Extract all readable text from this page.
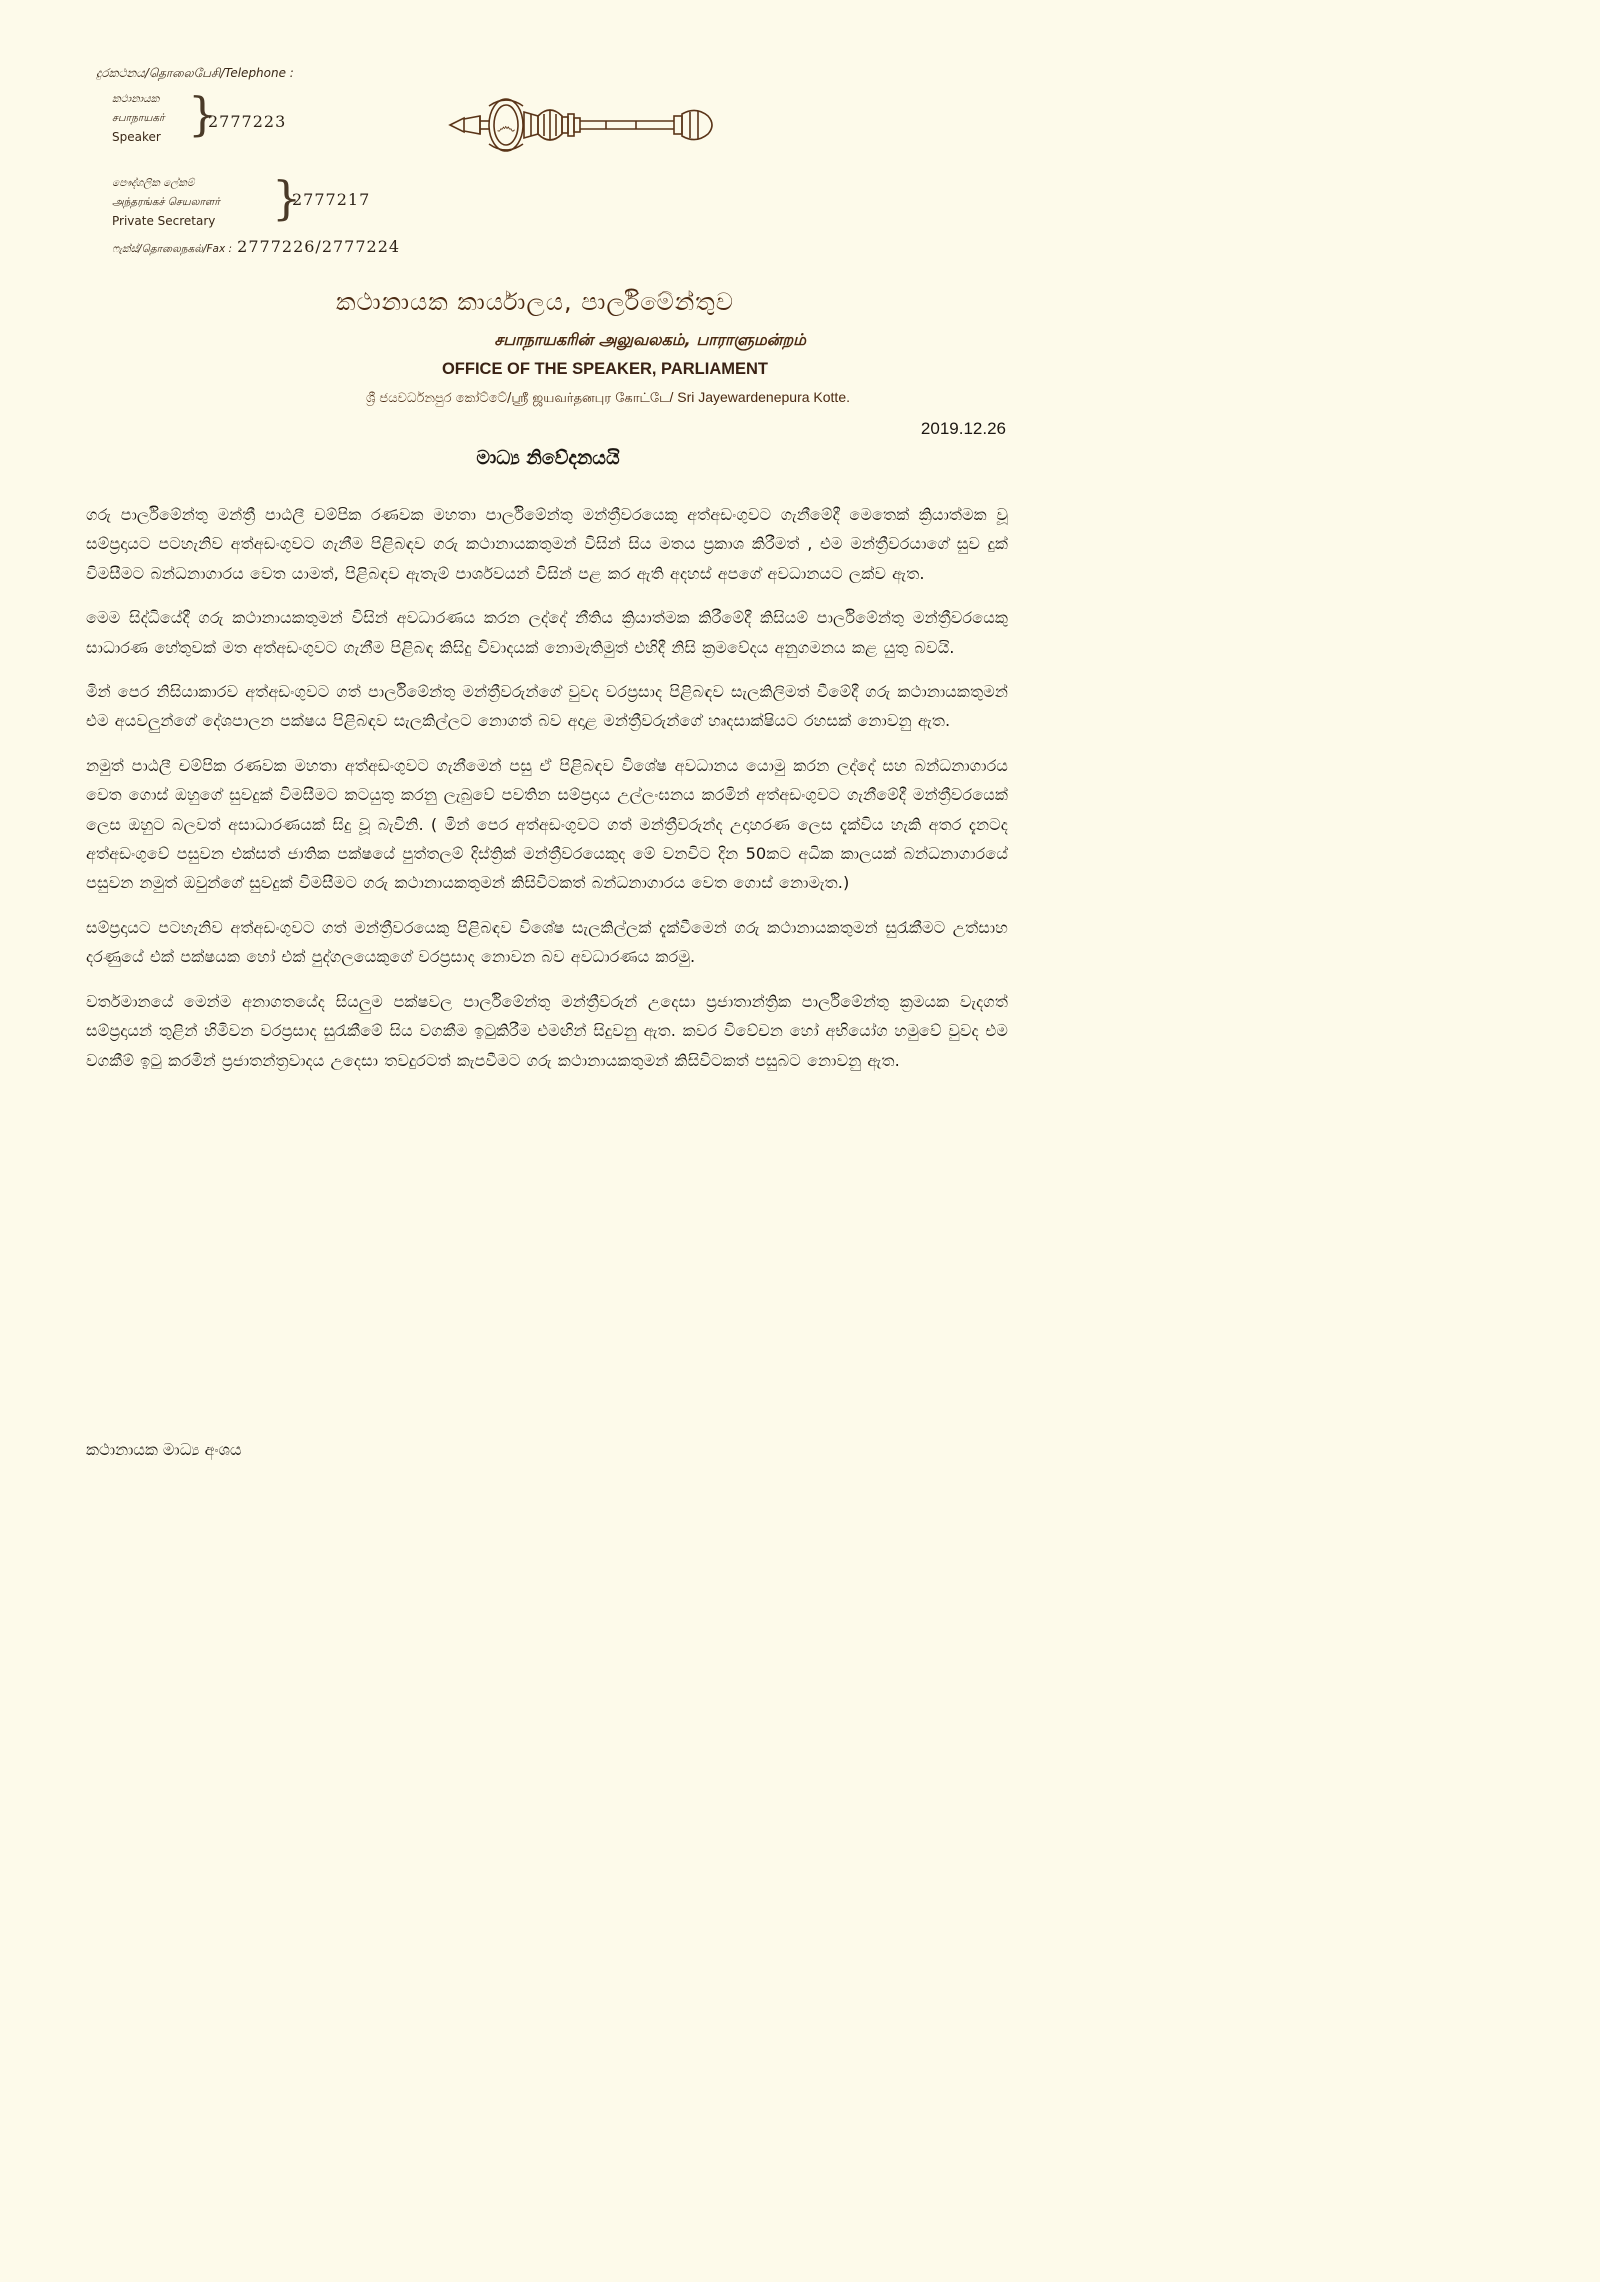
දුරකථනය/தொலைபேசி/Telephone :
කථානායක
சபாநாயகர்
Speaker }
2777223
පෞද්ගලික ලේකම්
அந்தரங்கச் செயலாளர்
Private Secretary }
2777217
ෆැක්ස්/தொலைநகல்/Fax : 2777226/2777224
෴
කථානායක කාර්යාලය, පාර්ලිමේන්තුව
சபாநாயகரின் அலுவலகம், பாராளுமன்றம்
OFFICE OF THE SPEAKER, PARLIAMENT
ශ්‍රී ජයවර්ධනපුර කෝට්ටේ/ஸ்ரீ ஜயவர்தனபுர கோட்டே/ Sri Jayewardenepura Kotte.
2019.12.26
මාධ්‍ය නිවේදනයයි

ගරු පාර්ලිමේන්තු මන්ත්‍රී පාඨලී චම්පික රණවක මහතා පාර්ලිමේන්තු මන්ත්‍රීවරයෙකු අත්අඩංගුවට ගැනීමේදී මෙතෙක් ක්‍රියාත්මක වූ සම්ප්‍රදායට පටහැනිව අත්අඩංගුවට ගැනීම පිළිබඳව ගරු කථානායකතුමන් විසින් සිය මතය ප්‍රකාශ කිරීමත් , එම මන්ත්‍රීවරයාගේ සුව දුක් විමසීමට බන්ධනාගාරය වෙත යාමත්, පිළිබඳව ඇතැම් පාර්ශවයන් විසින් පළ කර ඇති අදහස් අපගේ අවධානයට ලක්ව ඇත.

මෙම සිද්ධියේදී ගරු කථානායකතුමන් විසින් අවධාරණය කරන ලද්දේ නීතිය ක්‍රියාත්මක කිරීමේදී කිසියම් පාර්ලිමේන්තු මන්ත්‍රීවරයෙකු සාධාරණ හේතුවක් මත අත්අඩංගුවට ගැනීම පිළිබඳ කිසිදු විවාදයක් නොමැතිමුත් එහිදී නිසි ක්‍රමවේදය අනුගමනය කළ යුතු බවයි.

මින් පෙර නිසියාකාරව අත්අඩංගුවට ගත් පාර්ලිමේන්තු මන්ත්‍රීවරුන්ගේ වුවද වරප්‍රසාද පිළිබඳව සැලකිලිමත් වීමේදී ගරු කථානායකතුමන් එම අයවලුන්ගේ දේශපාලන පක්ෂය පිළිබඳව සැලකිල්ලට නොගත් බව අදාළ මන්ත්‍රීවරුන්ගේ හෘදසාක්ෂියට රහසක් නොවනු ඇත.

නමුත් පාඨලී චම්පික රණවක මහතා අත්අඩංගුවට ගැනීමෙන් පසු ඒ පිළිබඳව විශේෂ අවධානය යොමු කරන ලද්දේ සහ බන්ධනාගාරය වෙත ගොස් ඔහුගේ සුවදුක් විමසීමට කටයුතු කරනු ලැබුවේ පවතින සම්ප්‍රදාය උල්ලංඝනය කරමින් අත්අඩංගුවට ගැනීමේදී මන්ත්‍රීවරයෙක් ලෙස ඔහුට බලවත් අසාධාරණයක් සිදු වූ බැවිනි. ( මින් පෙර අත්අඩංගුවට ගත් මන්ත්‍රීවරුන්ද උදාහරණ ලෙස දැක්විය හැකි අතර දැනටද අත්අඩංගුවේ පසුවන එක්සත් ජාතික පක්ෂයේ පුත්තලම් දිස්ත්‍රික් මන්ත්‍රීවරයෙකුද මේ වනවිට දින 50කට අධික කාලයක් බන්ධනාගාරයේ පසුවන නමුත් ඔවුන්ගේ සුවදුක් විමසීමට ගරු කථානායකතුමන් කිසිවිටකත් බන්ධනාගාරය වෙත ගොස් නොමැත.)

සම්ප්‍රදායට පටහැනිව අත්අඩංගුවට ගත් මන්ත්‍රීවරයෙකු පිළිබඳව විශේෂ සැලකිල්ලක් දැක්වීමෙන් ගරු කථානායකතුමන් සුරැකීමට උත්සාහ දරණුයේ එක් පක්ෂයක හෝ එක් පුද්ගලයෙකුගේ වරප්‍රසාද නොවන බව අවධාරණය කරමු.

වර්තමානයේ මෙන්ම අනාගතයේද සියලුම පක්ෂවල පාර්ලිමේන්තු මන්ත්‍රීවරුන් උදෙසා ප්‍රජාතාන්ත්‍රික පාර්ලිමේන්තු ක්‍රමයක වැදගත් සම්ප්‍රදායන් තුළින් හිමිවන වරප්‍රසාද සුරැකීමේ සිය වගකීම ඉටුකිරීම එමඟින් සිදුවනු ඇත. කවර විවේචන හෝ අභියෝග හමුවේ වුවද එම වගකීම් ඉටු කරමින් ප්‍රජාතන්ත්‍රවාදය උදෙසා තවදුරටත් කැපවීමට ගරු කථානායකතුමන් කිසිවිටකත් පසුබට නොවනු ඇත.

කථානායක මාධ්‍ය අංශය
